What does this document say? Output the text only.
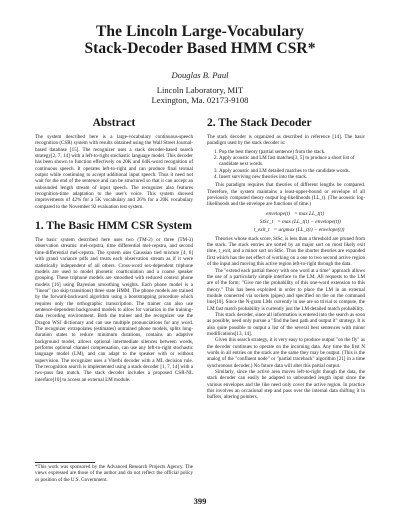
The Lincoln Large-Vocabulary
Stack-Decoder Based HMM CSR*
Douglas B. Paul
Lincoln Laboratory, MIT
Lexington, Ma. 02173-9108
Abstract

The system described here is a large-vocabulary continuous-speech recognition (CSR) system with results obtained using the Wall Street Journal-based database [15]. The recognizer uses a stack decoder-based search strategy[2, 7, 14] with a left-to-right stochastic language model. This decoder has been shown to function effectively on 20K and 64K-word recognition of continuous speech. It operates left-to-right and can produce final textual output while continuing to accept additional input speech. Thus it need not wait for the end of the sentence and can be structured so that it can accept an unbounded length stream of input speech. The recognizer also features recognition-time adaptation to the user's voice. This system showed improvements of 42% for a 5K vocabulary and 26% for a 20K vocabulary compared to the November 92 evaluation test system.

1. The Basic HMM CSR System

The basic system described here uses two (TM-2) or three (TM-3) observation streams: mel-cepstra, time differential mel-cepstra, and second time-differential mel-cepstra. The system uses Gaussian tied mixture [4, 6] with grand variance pdfs and treats each observation stream as if it were statistically independent of all others. Cross-word sex-dependent triphone models are used to model phonetic coarticulation and a coarse speaker grouping. These triphone models are smoothed with reduced context phone models [16] using Bayesian smoothing weights. Each phone model is a "linear" (no skip transitions) three state HMM. The phone models are trained by the forward-backward algorithm using a bootstrapping procedure which requires only the orthographic transcription. The trainer can also use sentence-dependent background models to allow for variation in the training-data recording environment. Both the trainer and the recognizer use the Dragon WSJ dictionary and can use multiple pronunciations for any word. The recognizer extrapolates (estimates) untrained phone models, splits long-duration states to reduce minimum durations, contains an adaptive background model, allows optional intermediate silences between words, performs optional channel compensation, can use any left-to-right stochastic language model (LM), and can adapt to the speaker with or without supervision. The recognizer uses a Viterbi decoder with a ML decision rule. The recognition search is implemented using a stack decoder [1, 7, 14] with a two-pass fast match. The stack decoder includes a proposed CSR-NL interface[10] to access an external LM module.

*This work was sponsored by the Advanced Research Projects Agency. The views expressed are those of the author and do not reflect the official policy or position of the U.S. Government.
2. The Stack Decoder

The stack decoder is organized as described in reference [14]. The basic paradigm used by the stack decoder is:

1. Pop the best theory (partial sentence) from the stack.
2. Apply acoustic and LM fast matches[3, 5] to produce a short list of candidate next words.
3. Apply acoustic and LM detailed matches to the candidate words.
4. Insert surviving new theories into the stack.

This paradigm requires that theories of different lengths be compared. Therefore, the system maintains a least-upper-bound or envelope of all previously computed theory output log-likelihoods (LL_t). (The acoustic log-likelihoods and the envelope are functions of time.)

envelope(t) = max LL_t(t)
StSc_t = max (LL_t(t) − envelope(t))
t_exit_t = argmax (LL_t(t) − envelope(t))

Theories whose stack score, StSc, is less than a threshold are pruned from the stack. The stack entries are sorted by an major sort on most likely exit time, t_exit, and a minor sort on StSc. Thus the shorter theories are expanded first which has the net effect of working on a one to two second active region of the input and moving this active region left-to-right through the data.

The "extend each partial theory with one word at a time" approach allows the use of a particularly simple interface to the LM. All requests to the LM are of the form: "Give me the probability of this one-word extension to this theory." This has been exploited in order to place the LM in an external module connected via sockets (pipes) and specified on the on the command line[10]. Since the N-gram LMs currently in use are so trivial to compute, the LM fast match probability is currently just the LM detailed match probability.

This stack decoder, since all information is entered into the search as soon as possible, need only pursue a "find the best path and output it" strategy. It is also quite possible to output a list of the several best sentences with minor modifications[13, 14].

Given this search strategy, it is very easy to produce output "on the fly" as the decoder continues to operate on the incoming data. Any time the first N words in all entries on the stack are the same they may be output. (This is the analog of the "confluent node" or "partial traceback" algorithm [21] in a time synchronous decoder.) No future data will alter this partial output.

Similarly, since the active area moves left-to-right though the data, the stack decoder can easily be adapted to unbounded length input since the various envelopes and the like need only cover the active region. In practice this involves an occasional step and pass over the internal data shifting it in buffers, altering pointers,

399
